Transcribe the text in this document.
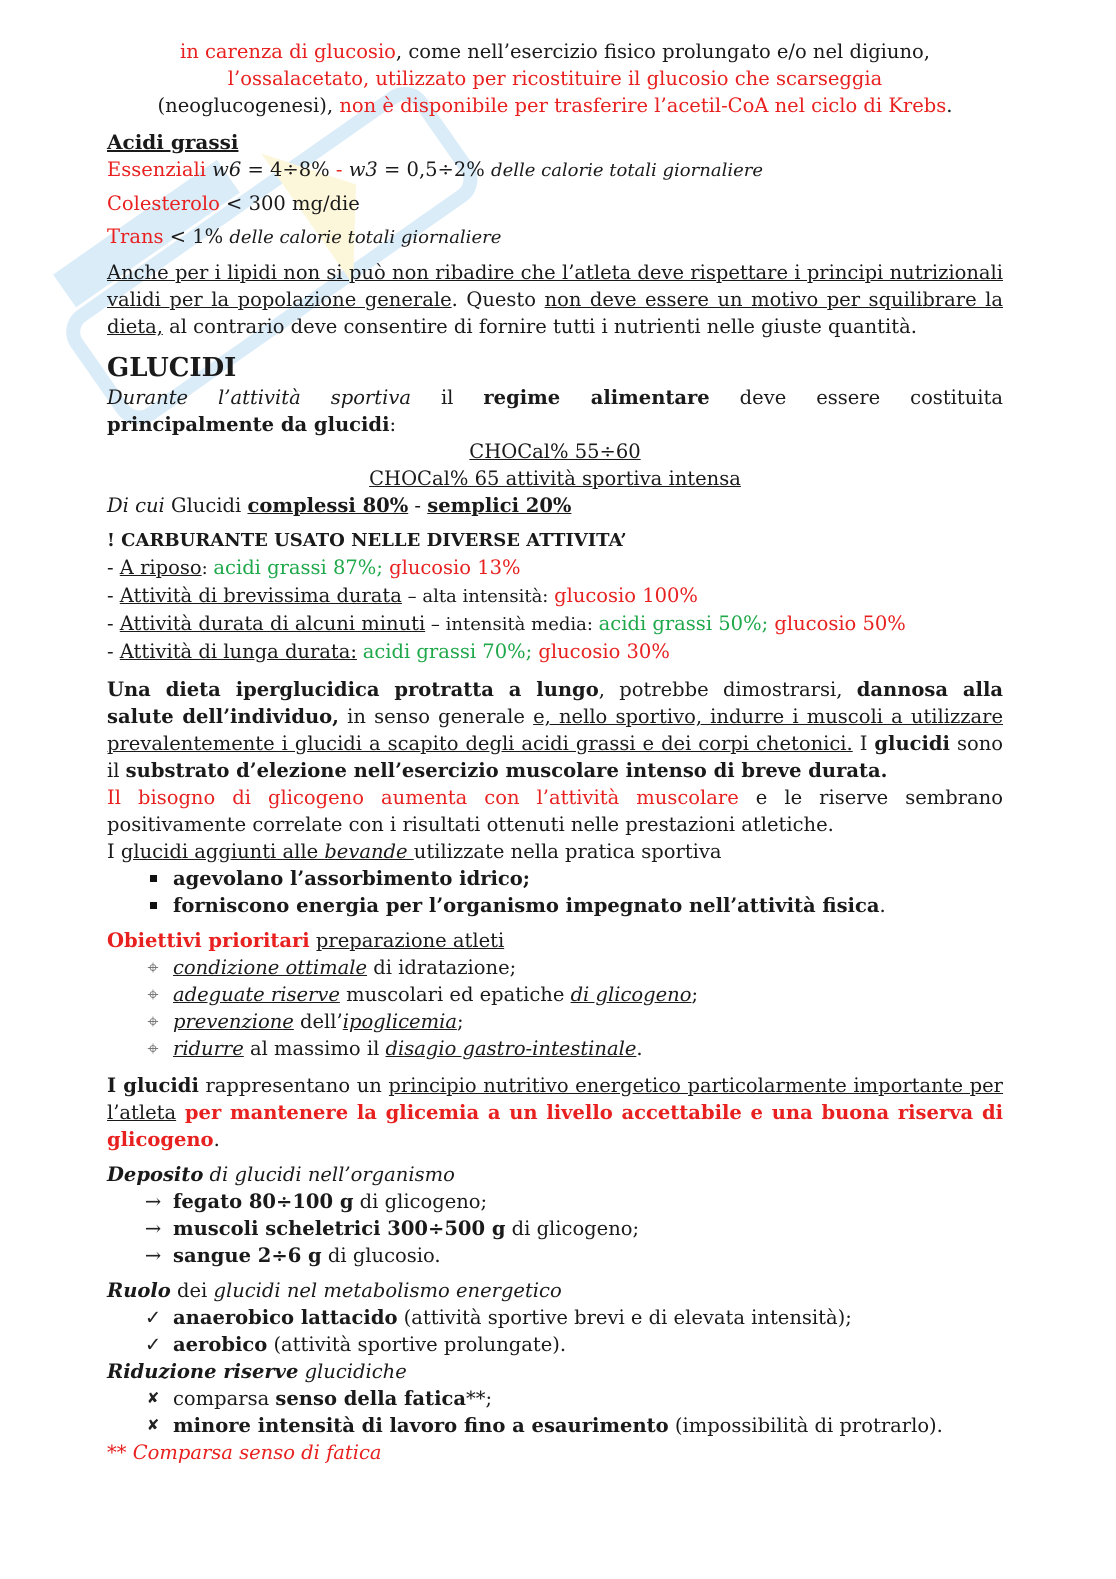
in carenza di glucosio, come nell’esercizio fisico prolungato e/o nel digiuno,

l’ossalacetato, utilizzato per ricostituire il glucosio che scarseggia

(neoglucogenesi), non è disponibile per trasferire l’acetil-CoA nel ciclo di Krebs.

Acidi grassi

Essenziali w6 = 4÷8% - w3 = 0,5÷2% delle calorie totali giornaliere

Colesterolo < 300 mg/die

Trans < 1% delle calorie totali giornaliere

Anche per i lipidi non si può non ribadire che l’atleta deve rispettare i principi nutrizionali validi per la popolazione generale. Questo non deve essere un motivo per squilibrare la dieta, al contrario deve consentire di fornire tutti i nutrienti nelle giuste quantità.

GLUCIDI

Durante l’attività sportiva il regime alimentare deve essere costituita

principalmente da glucidi:

CHOCal% 55÷60

CHOCal% 65 attività sportiva intensa

Di cui Glucidi complessi 80% - semplici 20%

! CARBURANTE USATO NELLE DIVERSE ATTIVITA’

- A riposo: acidi grassi 87%; glucosio 13%

- Attività di brevissima durata – alta intensità: glucosio 100%

- Attività durata di alcuni minuti – intensità media: acidi grassi 50%; glucosio 50%

- Attività di lunga durata: acidi grassi 70%; glucosio 30%

Una dieta iperglucidica protratta a lungo, potrebbe dimostrarsi, dannosa alla salute dell’individuo, in senso generale e, nello sportivo, indurre i muscoli a utilizzare prevalentemente i glucidi a scapito degli acidi grassi e dei corpi chetonici. I glucidi sono il substrato d’elezione nell’esercizio muscolare intenso di breve durata.

Il bisogno di glicogeno aumenta con l’attività muscolare e le riserve sembrano positivamente correlate con i risultati ottenuti nelle prestazioni atletiche.

I glucidi aggiunti alle bevande utilizzate nella pratica sportiva

agevolano l’assorbimento idrico;
forniscono energia per l’organismo impegnato nell’attività fisica.

Obiettivi prioritari preparazione atleti

⌖ condizione ottimale di idratazione;
⌖ adeguate riserve muscolari ed epatiche di glicogeno;
⌖ prevenzione dell’ipoglicemia;
⌖ ridurre al massimo il disagio gastro-intestinale.

I glucidi rappresentano un principio nutritivo energetico particolarmente importante per l’atleta per mantenere la glicemia a un livello accettabile e una buona riserva di glicogeno.

Deposito di glucidi nell’organismo

→ fegato 80÷100 g di glicogeno;
→ muscoli scheletrici 300÷500 g di glicogeno;
→ sangue 2÷6 g di glucosio.

Ruolo dei glucidi nel metabolismo energetico

✓ anaerobico lattacido (attività sportive brevi e di elevata intensità);
✓ aerobico (attività sportive prolungate).

Riduzione riserve glucidiche

✘ comparsa senso della fatica**;
✘ minore intensità di lavoro fino a esaurimento (impossibilità di protrarlo).

** Comparsa senso di fatica
